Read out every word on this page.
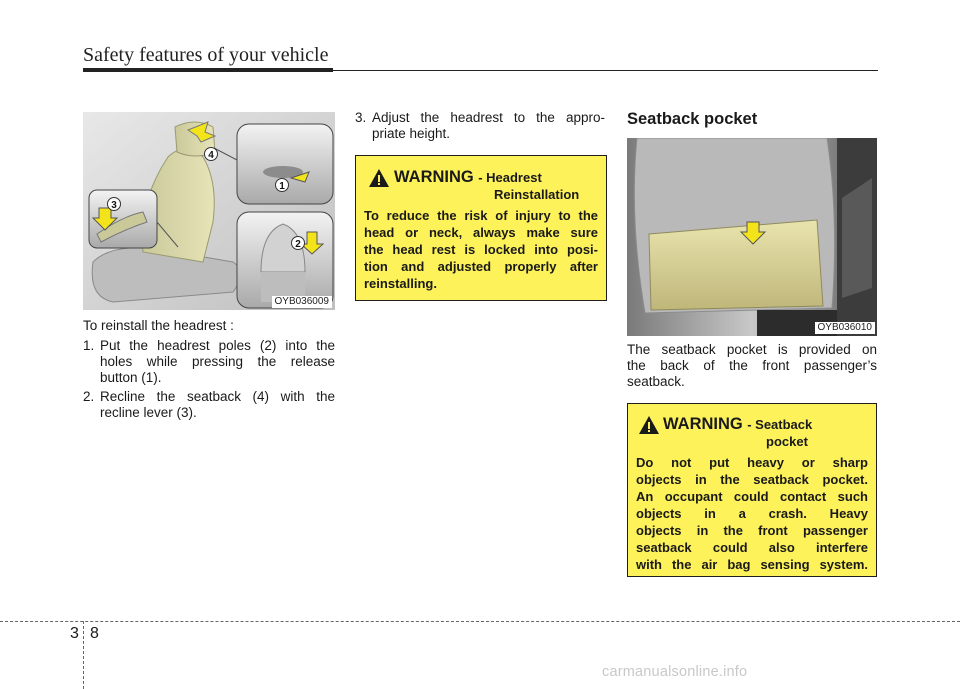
Safety features of your vehicle
1
2
3
4
OYB036009

To reinstall the headrest :

1. Put the headrest poles (2) into the
holes while pressing the release
button (1).
2. Recline the seatback (4) with the
recline lever (3).
3. Adjust the headrest to the appro-
priate height.
WARNING - Headrest
Reinstallation
To reduce the risk of injury to the
head or neck, always make sure
the head rest is locked into posi-
tion and adjusted properly after
reinstalling.
Seatback pocket
OYB036010
The seatback pocket is provided on
the back of the front passenger’s
seatback.
WARNING - Seatback
pocket
Do not put heavy or sharp
objects in the seatback pocket.
An occupant could contact such
objects in a crash. Heavy
objects in the front passenger
seatback could also interfere
with the air bag sensing system.
3 8
carmanualsonline.info
